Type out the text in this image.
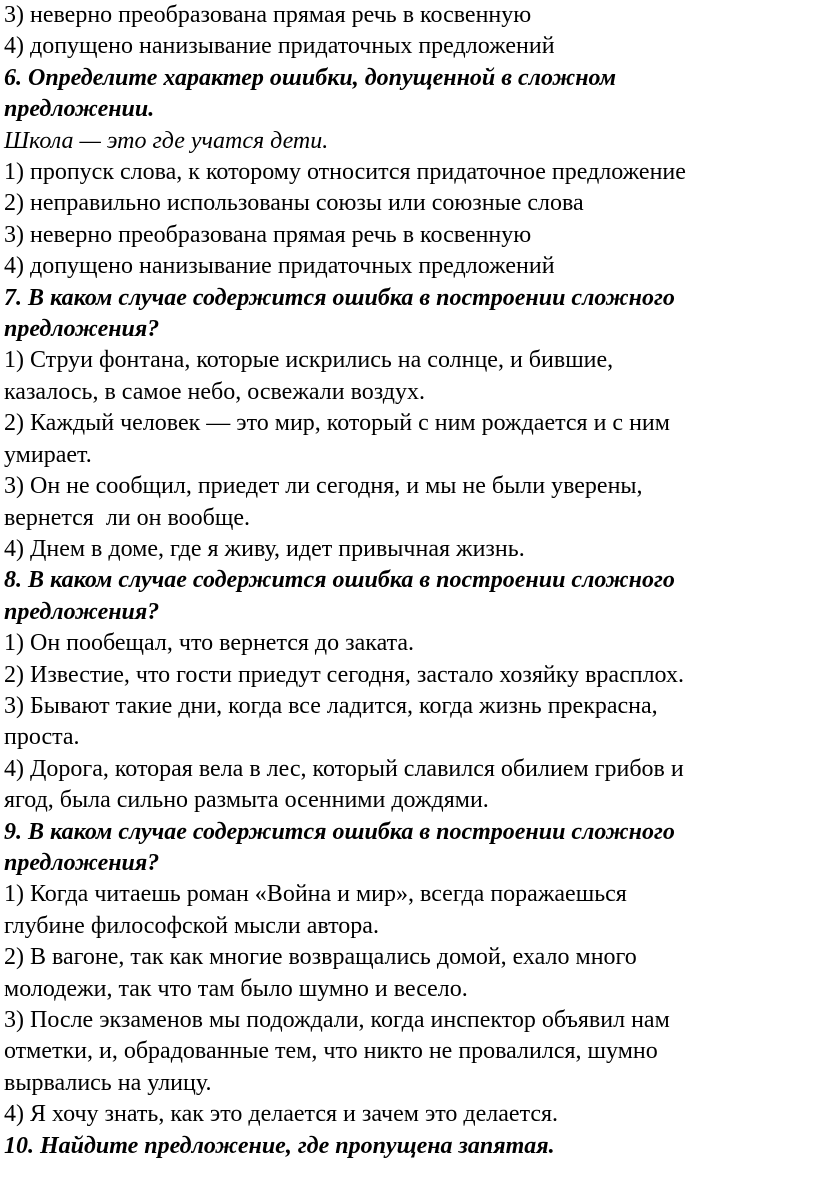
3) неверно преобразована прямая речь в косвенную
4) допущено нанизывание придаточных предложений
6. Определите характер ошибки, допущенной в сложном
предложении.
Школа — это где учатся дети.
1) пропуск слова, к которому относится придаточное предложение
2) неправильно использованы союзы или союзные слова
3) неверно преобразована прямая речь в косвенную
4) допущено нанизывание придаточных предложений
7. В каком случае содержится ошибка в построении сложного
предложения?
1) Струи фонтана, которые искрились на солнце, и бившие,
казалось, в самое небо, освежали воздух.
2) Каждый человек — это мир, который с ним рождается и с ним
умирает.
3) Он не сообщил, приедет ли сегодня, и мы не были уверены,
вернется  ли он вообще.
4) Днем в доме, где я живу, идет привычная жизнь.
8. В каком случае содержится ошибка в построении сложного
предложения?
1) Он пообещал, что вернется до заката.
2) Известие, что гости приедут сегодня, застало хозяйку врасплох.
3) Бывают такие дни, когда все ладится, когда жизнь прекрасна,
проста.
4) Дорога, которая вела в лес, который славился обилием грибов и
ягод, была сильно размыта осенними дождями.
9. В каком случае содержится ошибка в построении сложного
предложения?
1) Когда читаешь роман «Война и мир», всегда поражаешься
глубине философской мысли автора.
2) В вагоне, так как многие возвращались домой, ехало много
молодежи, так что там было шумно и весело.
3) После экзаменов мы подождали, когда инспектор объявил нам
отметки, и, обрадованные тем, что никто не провалился, шумно
вырвались на улицу.
4) Я хочу знать, как это делается и зачем это делается.
10. Найдите предложение, где пропущена запятая.
